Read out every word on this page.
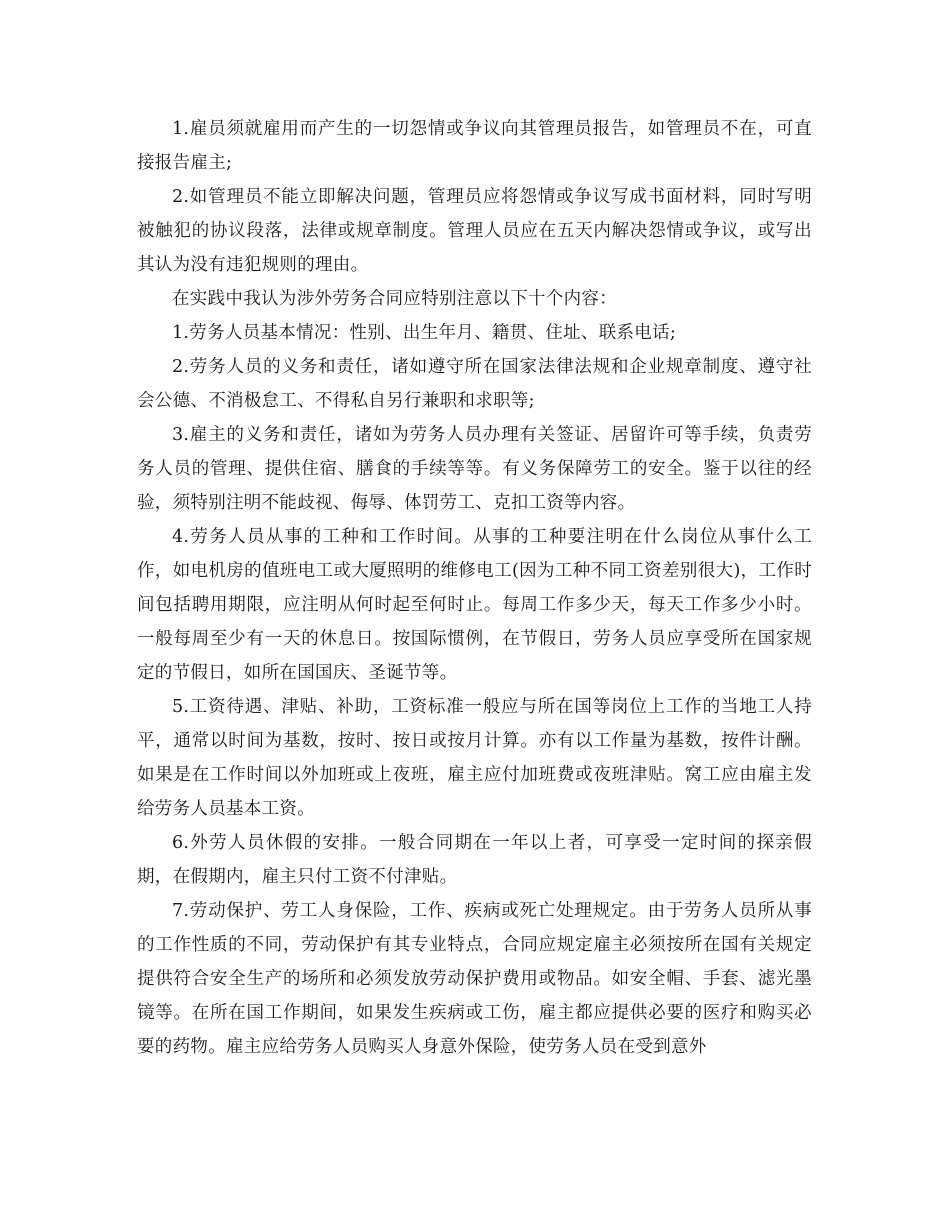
1.雇员须就雇用而产生的一切怨情或争议向其管理员报告，如管理员不在，可直接报告雇主;

2.如管理员不能立即解决问题，管理员应将怨情或争议写成书面材料，同时写明被触犯的协议段落，法律或规章制度。管理人员应在五天内解决怨情或争议，或写出其认为没有违犯规则的理由。

在实践中我认为涉外劳务合同应特别注意以下十个内容：

1.劳务人员基本情况：性别、出生年月、籍贯、住址、联系电话;

2.劳务人员的义务和责任，诸如遵守所在国家法律法规和企业规章制度、遵守社会公德、不消极怠工、不得私自另行兼职和求职等;

3.雇主的义务和责任，诸如为劳务人员办理有关签证、居留许可等手续，负责劳务人员的管理、提供住宿、膳食的手续等等。有义务保障劳工的安全。鉴于以往的经验，须特别注明不能歧视、侮辱、体罚劳工、克扣工资等内容。

4.劳务人员从事的工种和工作时间。从事的工种要注明在什么岗位从事什么工作，如电机房的值班电工或大厦照明的维修电工(因为工种不同工资差别很大)，工作时间包括聘用期限，应注明从何时起至何时止。每周工作多少天，每天工作多少小时。一般每周至少有一天的休息日。按国际惯例，在节假日，劳务人员应享受所在国家规定的节假日，如所在国国庆、圣诞节等。

5.工资待遇、津贴、补助，工资标准一般应与所在国等岗位上工作的当地工人持平，通常以时间为基数，按时、按日或按月计算。亦有以工作量为基数，按件计酬。如果是在工作时间以外加班或上夜班，雇主应付加班费或夜班津贴。窝工应由雇主发给劳务人员基本工资。

6.外劳人员休假的安排。一般合同期在一年以上者，可享受一定时间的探亲假期，在假期内，雇主只付工资不付津贴。

7.劳动保护、劳工人身保险，工作、疾病或死亡处理规定。由于劳务人员所从事的工作性质的不同，劳动保护有其专业特点，合同应规定雇主必须按所在国有关规定提供符合安全生产的场所和必须发放劳动保护费用或物品。如安全帽、手套、滤光墨镜等。在所在国工作期间，如果发生疾病或工伤，雇主都应提供必要的医疗和购买必要的药物。雇主应给劳务人员购买人身意外保险，使劳务人员在受到意外
